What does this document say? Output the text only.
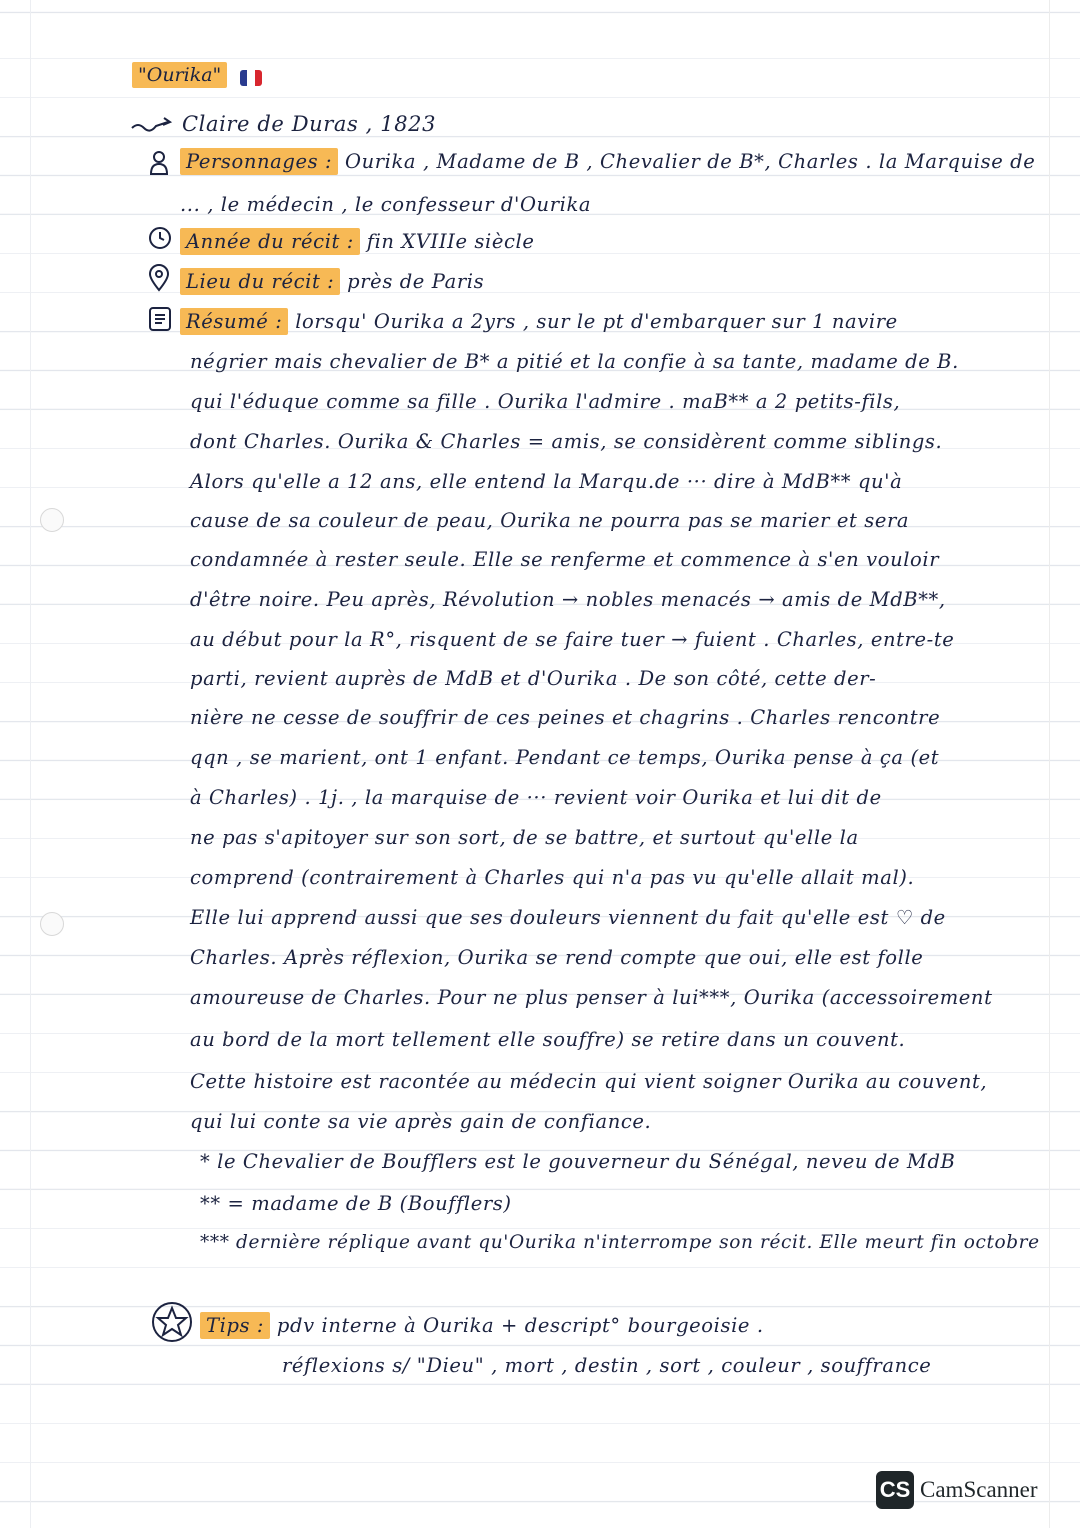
"Ourika"
Claire de Duras , 1823
Personnages : Ourika , Madame de B , Chevalier de B*, Charles . la Marquise de
... , le médecin , le confesseur d'Ourika
Année du récit : fin XVIIIe siècle
Lieu du récit : près de Paris
Résumé : lorsqu' Ourika a 2yrs , sur le pt d'embarquer sur 1 navire
négrier mais chevalier de B* a pitié et la confie à sa tante, madame de B.
qui l'éduque comme sa fille . Ourika l'admire . maB** a 2 petits-fils,
dont Charles. Ourika & Charles = amis, se considèrent comme siblings.
Alors qu'elle a 12 ans, elle entend la Marqu.de ··· dire à MdB** qu'à
cause de sa couleur de peau, Ourika ne pourra pas se marier et sera
condamnée à rester seule. Elle se renferme et commence à s'en vouloir
d'être noire. Peu après, Révolution → nobles menacés → amis de MdB**,
au début pour la R°, risquent de se faire tuer → fuient . Charles, entre-te
parti, revient auprès de MdB et d'Ourika . De son côté, cette der-
nière ne cesse de souffrir de ces peines et chagrins . Charles rencontre
qqn , se marient, ont 1 enfant. Pendant ce temps, Ourika pense à ça (et
à Charles) . 1j. , la marquise de ··· revient voir Ourika et lui dit de
ne pas s'apitoyer sur son sort, de se battre, et surtout qu'elle la
comprend (contrairement à Charles qui n'a pas vu qu'elle allait mal).
Elle lui apprend aussi que ses douleurs viennent du fait qu'elle est ♡ de
Charles. Après réflexion, Ourika se rend compte que oui, elle est folle
amoureuse de Charles. Pour ne plus penser à lui***, Ourika (accessoirement
au bord de la mort tellement elle souffre) se retire dans un couvent.
Cette histoire est racontée au médecin qui vient soigner Ourika au couvent,
qui lui conte sa vie après gain de confiance.
* le Chevalier de Boufflers est le gouverneur du Sénégal, neveu de MdB
** = madame de B (Boufflers)
*** dernière réplique avant qu'Ourika n'interrompe son récit. Elle meurt fin octobre
Tips : pdv interne à Ourika + descript° bourgeoisie .
réflexions s/ "Dieu" , mort , destin , sort , couleur , souffrance
CS CamScanner
